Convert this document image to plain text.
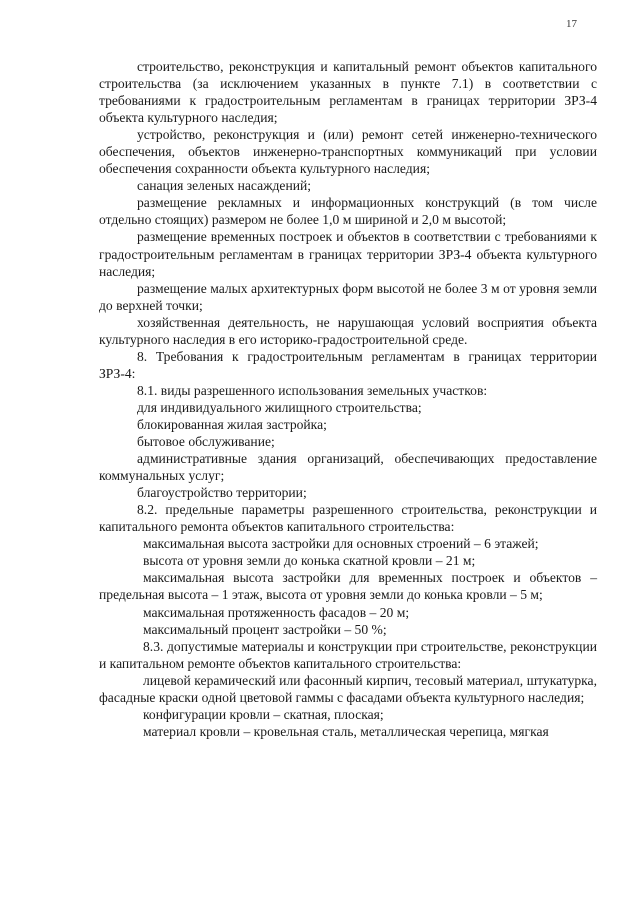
17

строительство, реконструкция и капитальный ремонт объектов капитального строительства (за исключением указанных в пункте 7.1) в соответствии с требованиями к градостроительным регламентам в границах территории ЗРЗ-4 объекта культурного наследия;

устройство, реконструкция и (или) ремонт сетей инженерно-технического обеспечения, объектов инженерно-транспортных коммуникаций при условии обеспечения сохранности объекта культурного наследия;

санация зеленых насаждений;

размещение рекламных и информационных конструкций (в том числе отдельно стоящих) размером не более 1,0 м шириной и 2,0 м высотой;

размещение временных построек и объектов в соответствии с требованиями к градостроительным регламентам в границах территории ЗРЗ-4 объекта культурного наследия;

размещение малых архитектурных форм высотой не более 3 м от уровня земли до верхней точки;

хозяйственная деятельность, не нарушающая условий восприятия объекта культурного наследия в его историко-градостроительной среде.

8. Требования к градостроительным регламентам в границах территории ЗРЗ-4:

8.1. виды разрешенного использования земельных участков:

для индивидуального жилищного строительства;

блокированная жилая застройка;

бытовое обслуживание;

административные здания организаций, обеспечивающих предоставление коммунальных услуг;

благоустройство территории;

8.2. предельные параметры разрешенного строительства, реконструкции и капитального ремонта объектов капитального строительства:

максимальная высота застройки для основных строений – 6 этажей;

высота от уровня земли до конька скатной кровли – 21 м;

максимальная высота застройки для временных построек и объектов – предельная высота – 1 этаж, высота от уровня земли до конька кровли – 5 м;

максимальная протяженность фасадов – 20 м;

максимальный процент застройки – 50 %;

8.3. допустимые материалы и конструкции при строительстве, реконструкции и капитальном ремонте объектов капитального строительства:

лицевой керамический или фасонный кирпич, тесовый материал, штукатурка, фасадные краски одной цветовой гаммы с фасадами объекта культурного наследия;

конфигурации кровли – скатная, плоская;

материал кровли – кровельная сталь, металлическая черепица, мягкая
